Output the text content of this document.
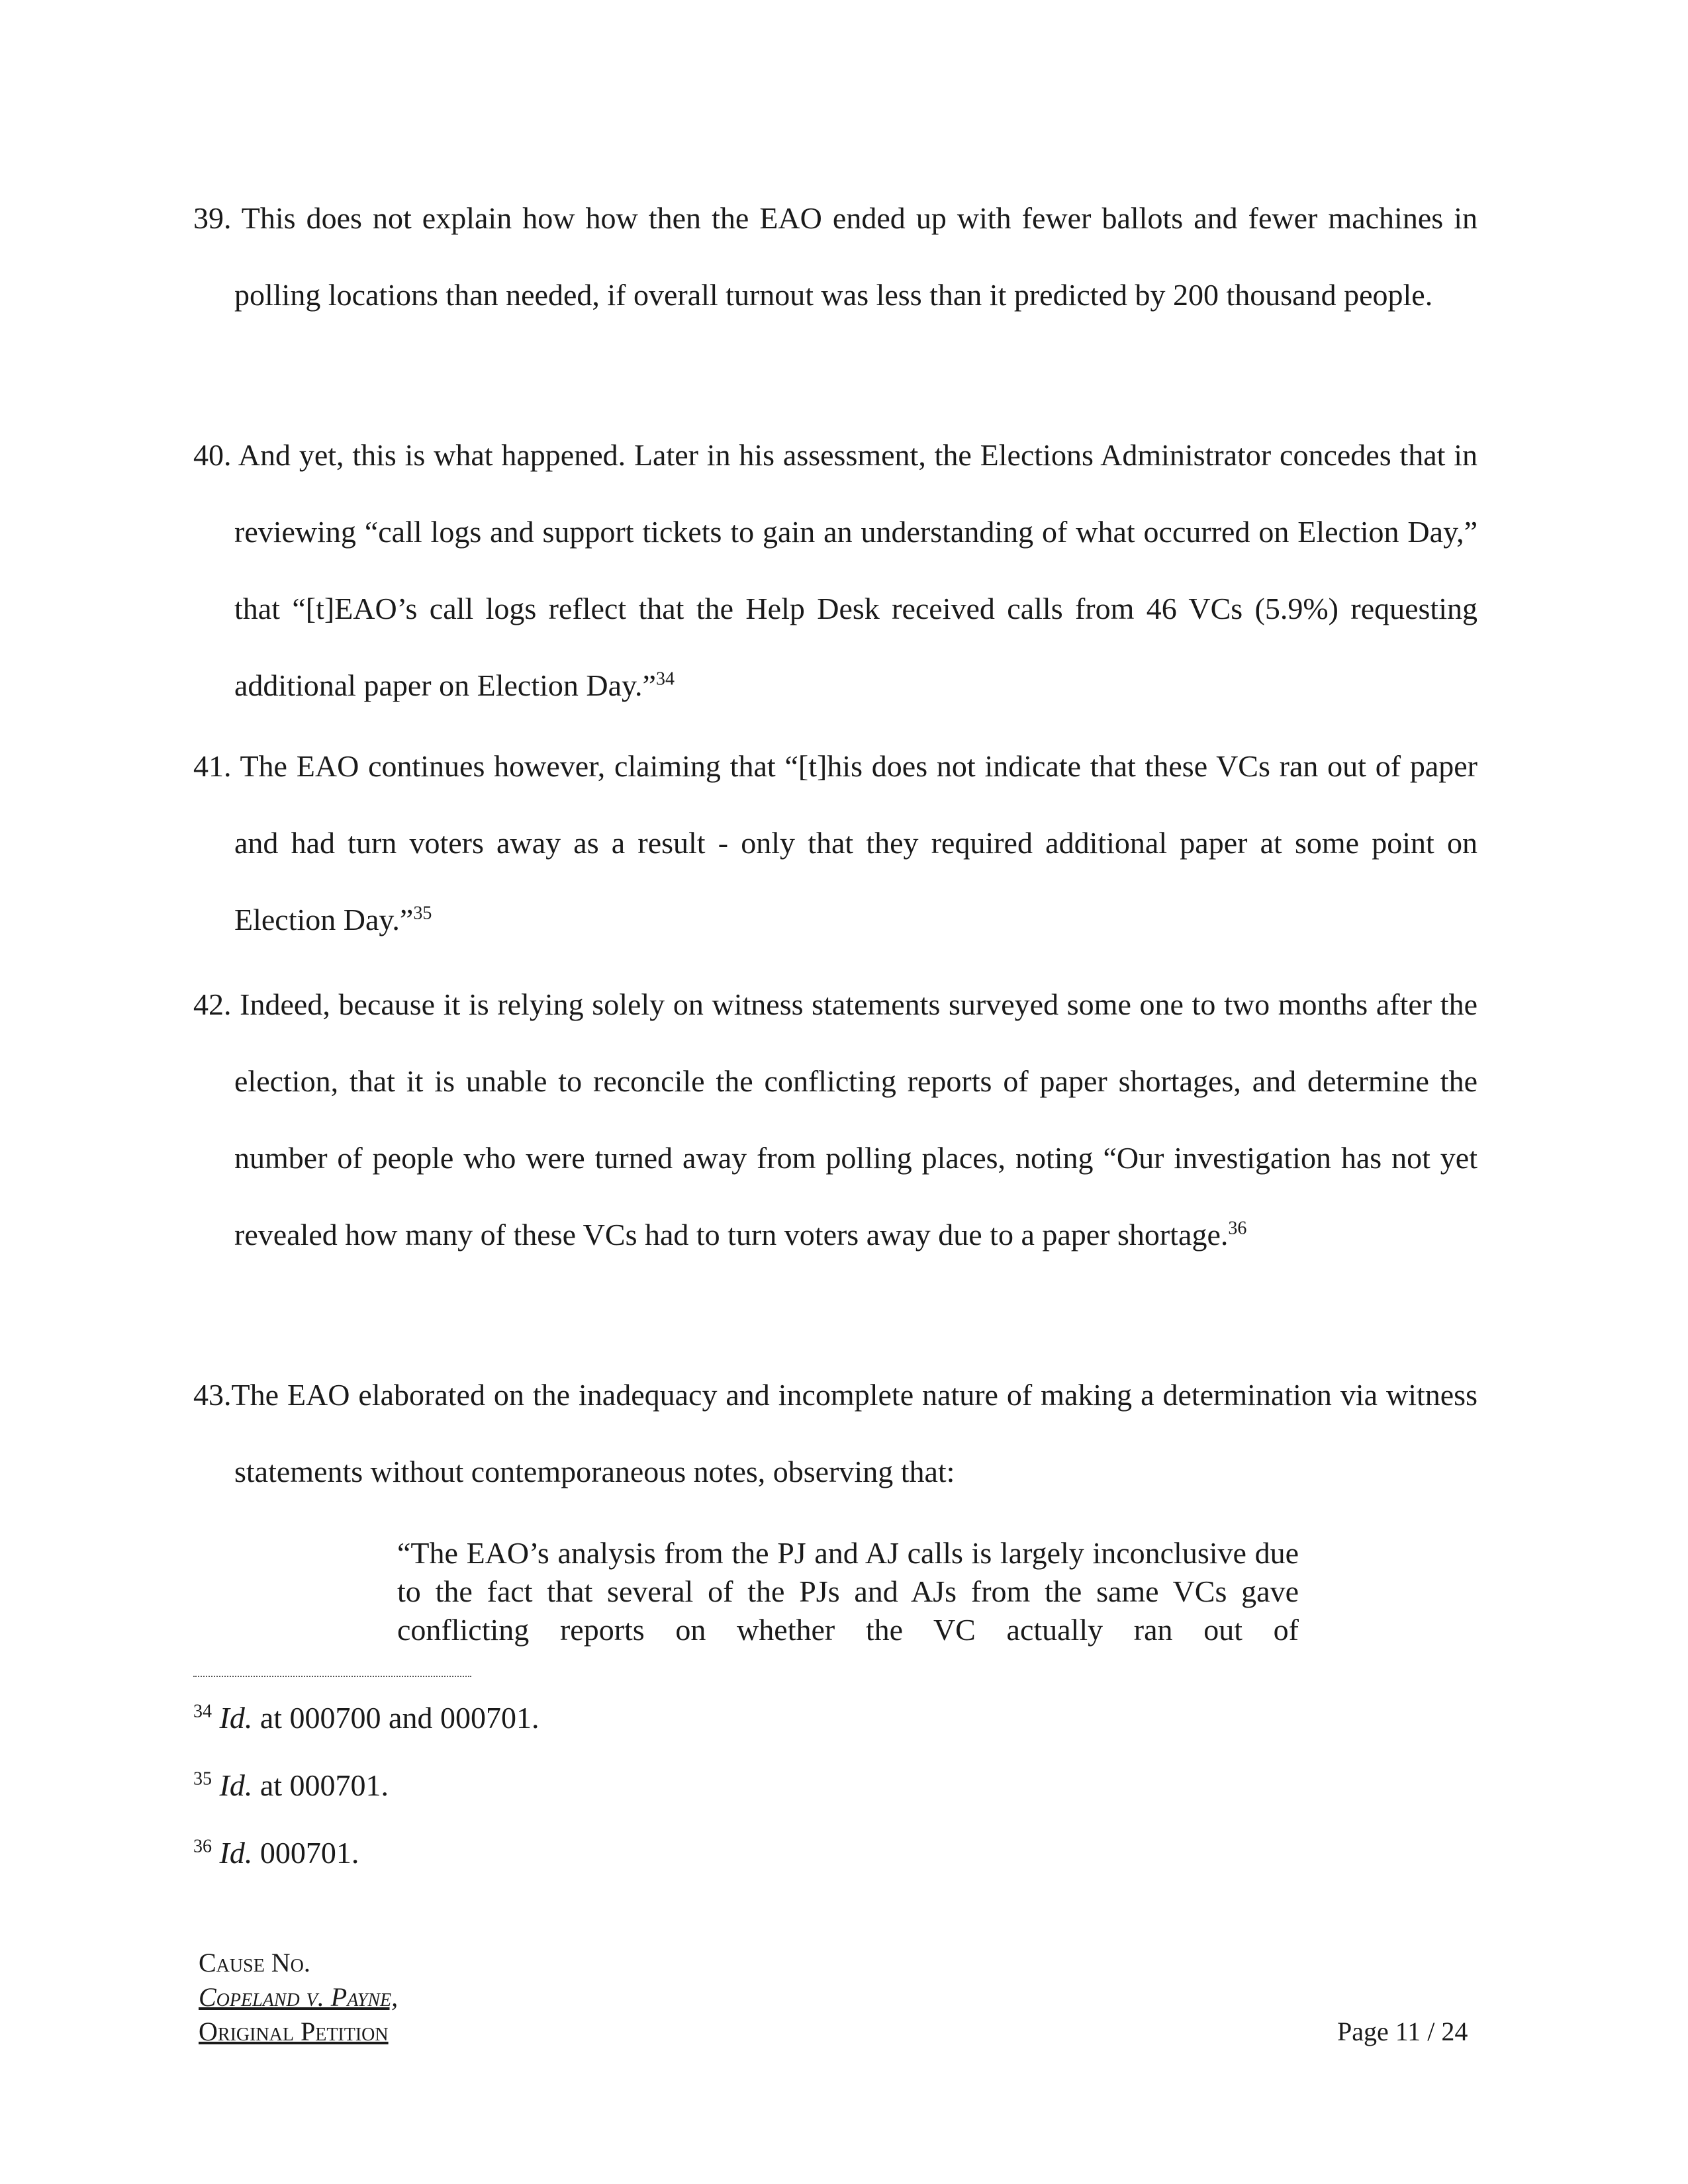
39. This does not explain how how then the EAO ended up with fewer ballots and fewer machines in polling locations than needed, if overall turnout was less than it predicted by 200 thousand people.

40. And yet, this is what happened. Later in his assessment, the Elections Administrator concedes that in reviewing “call logs and support tickets to gain an understanding of what occurred on Election Day,” that “[t]EAO’s call logs reflect that the Help Desk received calls from 46 VCs (5.9%) requesting additional paper on Election Day.”$^{34}$

41. The EAO continues however, claiming that “[t]his does not indicate that these VCs ran out of paper and had turn voters away as a result - only that they required additional paper at some point on Election Day.”$^{35}$

42. Indeed, because it is relying solely on witness statements surveyed some one to two months after the election, that it is unable to reconcile the conflicting reports of paper shortages, and determine the number of people who were turned away from polling places, noting “Our investigation has not yet revealed how many of these VCs had to turn voters away due to a paper shortage.$^{36}$

43.The EAO elaborated on the inadequacy and incomplete nature of making a determination via witness statements without contemporaneous notes, observing that:

“The EAO’s analysis from the PJ and AJ calls is largely inconclusive due to the fact that several of the PJs and AJs from the same VCs gave conflicting reports on whether the VC actually ran out of
$^{34}$ Id. at 000700 and 000701.
$^{35}$ Id. at 000701.
$^{36}$ Id. 000701.
Cause No.
Copeland v. Payne,
Original Petition	Page 11 / 24
